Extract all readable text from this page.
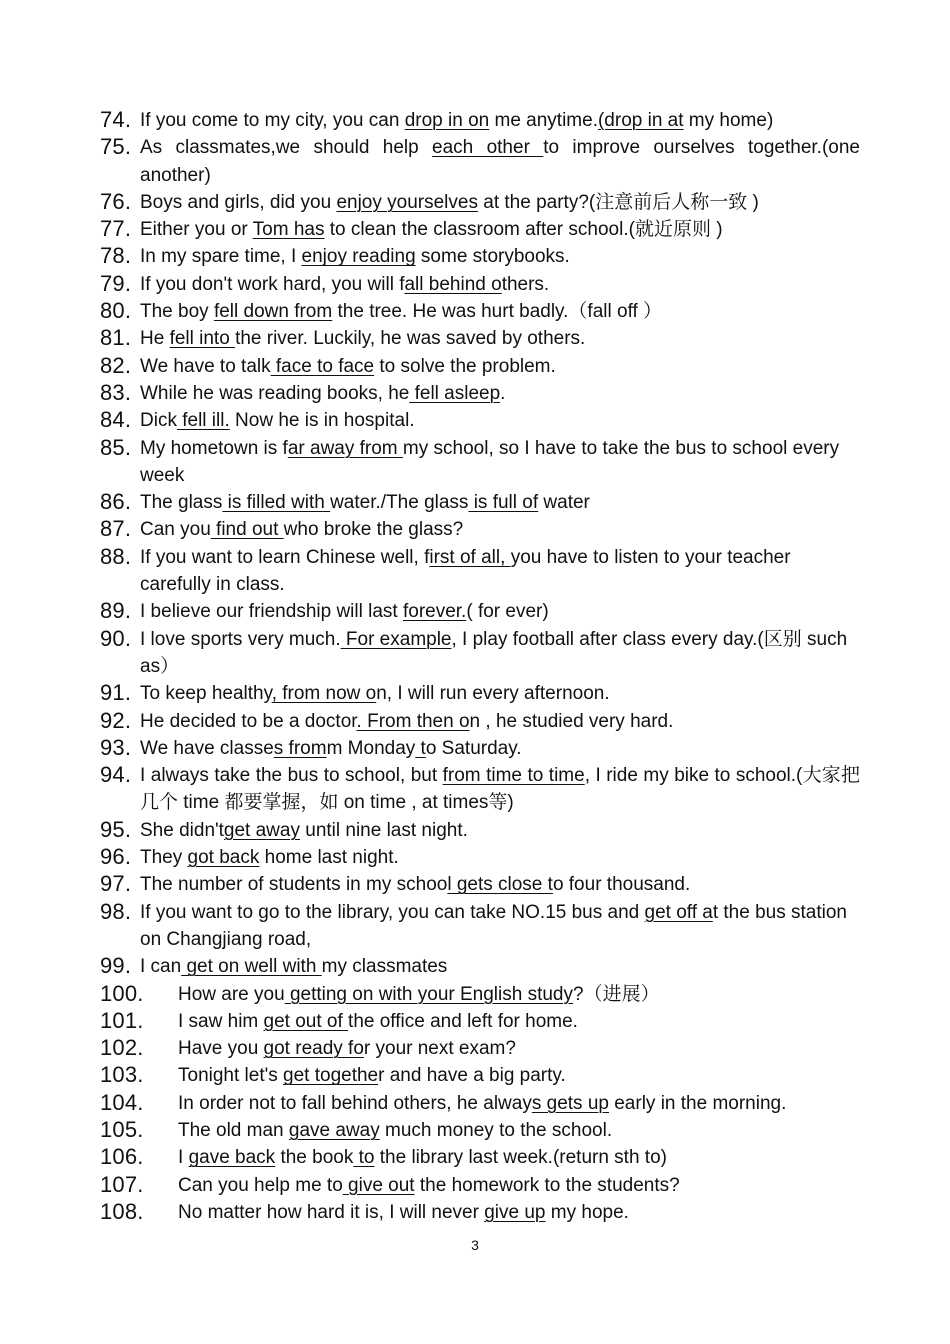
74. If you come to my city, you can drop in on me anytime.(drop in at my home)
75. As classmates,we should help each other to improve ourselves together.(one another)
76. Boys and girls, did you enjoy yourselves at the party?(注意前后人称一致 )
77. Either you or Tom has to clean the classroom after school.(就近原则 )
78. In my spare time, I enjoy reading some storybooks.
79. If you don't work hard, you will fall behind others.
80. The boy fell down from the tree. He was hurt badly.（fall off ）
81. He fell into the river. Luckily, he was saved by others.
82. We have to talk face to face to solve the problem.
83. While he was reading books, he fell asleep.
84. Dick fell ill. Now he is in hospital.
85. My hometown is far away from my school, so I have to take the bus to school every week
86. The glass is filled with water./The glass is full of water
87. Can you find out who broke the glass?
88. If you want to learn Chinese well, first of all, you have to listen to your teacher carefully in class.
89. I believe our friendship will last forever.( for ever)
90. I love sports very much. For example, I play football after class every day.(区别 such as）
91. To keep healthy, from now on, I will run every afternoon.
92. He decided to be a doctor. From then on , he studied very hard.
93. We have classes fromm Monday to Saturday.
94. I always take the bus to school, but from time to time, I ride my bike to school.(大家把几个 time 都要掌握，如 on time , at times等)
95. She didn'tget away until nine last night.
96. They got back home last night.
97. The number of students in my school gets close to four thousand.
98. If you want to go to the library, you can take NO.15 bus and get off at the bus station on Changjiang road,
99. I can get on well with my classmates
100.	How are you getting on with your English study?（进展）
101.	I saw him get out of the office and left for home.
102.	Have you got ready for your next exam?
103.	Tonight let's get together and have a big party.
104.	In order not to fall behind others, he always gets up early in the morning.
105.	The old man gave away much money to the school.
106.	I gave back the book to the library last week.(return sth to)
107.	Can you help me to give out the homework to the students?
108.	No matter how hard it is, I will never give up my hope.
3
